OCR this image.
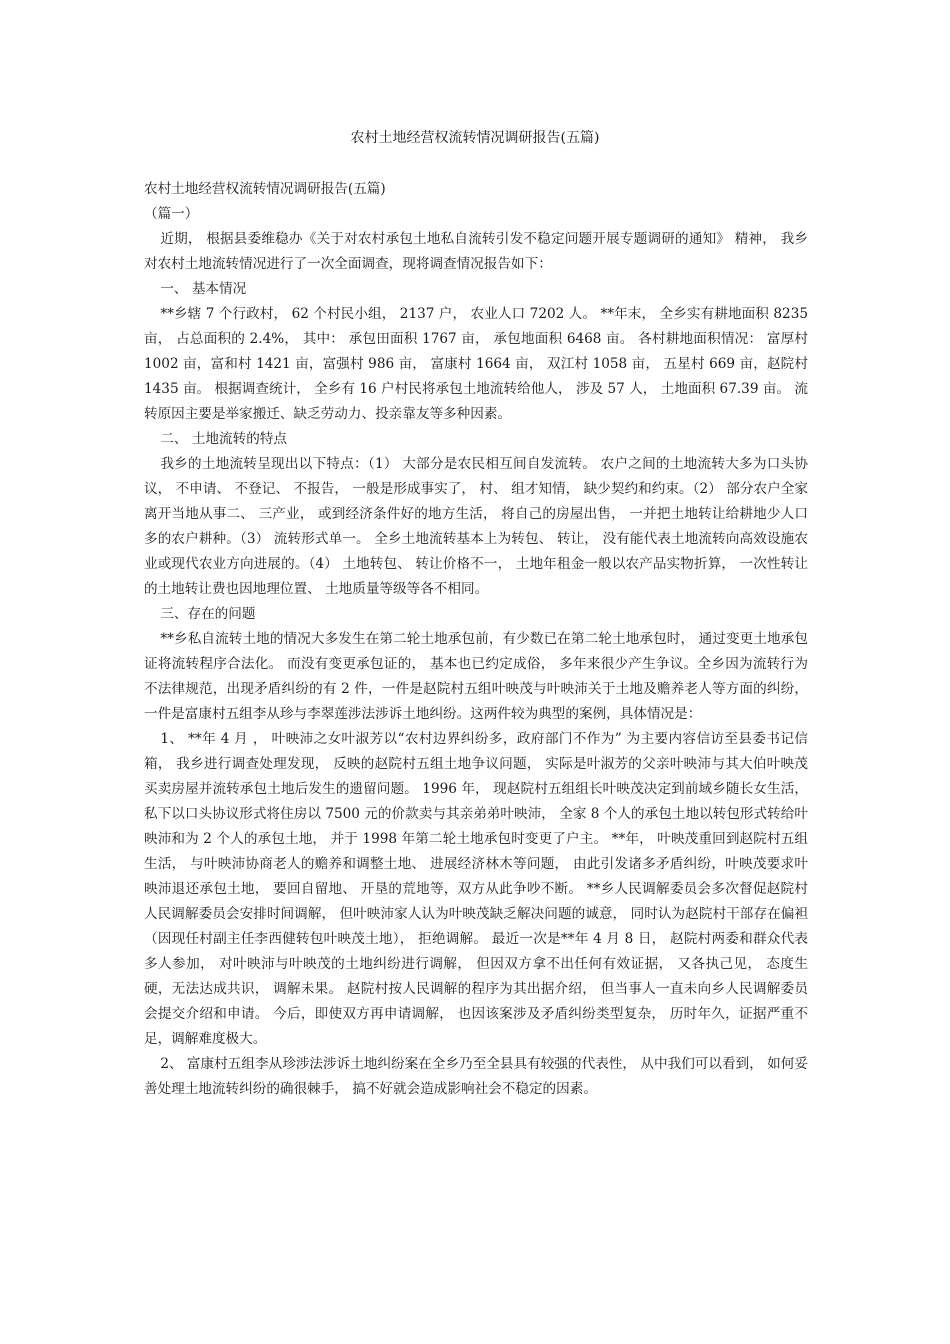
农村土地经营权流转情况调研报告(五篇)

农村土地经营权流转情况调研报告(五篇)

（篇一）

近期， 根据县委维稳办《关于对农村承包土地私自流转引发不稳定问题开展专题调研的通知》 精神， 我乡对农村土地流转情况进行了一次全面调查，现将调查情况报告如下：

一、 基本情况

**乡辖 7 个行政村， 62 个村民小组， 2137 户， 农业人口 7202 人。 **年末， 全乡实有耕地面积 8235 亩， 占总面积的 2.4%， 其中： 承包田面积 1767 亩， 承包地面积 6468 亩。 各村耕地面积情况： 富厚村 1002 亩，富和村 1421 亩，富强村 986 亩， 富康村 1664 亩， 双江村 1058 亩， 五星村 669 亩，赵院村 1435 亩。 根据调查统计， 全乡有 16 户村民将承包土地流转给他人， 涉及 57 人， 土地面积 67.39 亩。 流转原因主要是举家搬迁、缺乏劳动力、投亲靠友等多种因素。

二、 土地流转的特点

我乡的土地流转呈现出以下特点：（1） 大部分是农民相互间自发流转。 农户之间的土地流转大多为口头协议， 不申请、 不登记、 不报告， 一般是形成事实了， 村、 组才知情， 缺少契约和约束。（2） 部分农户全家离开当地从事二、 三产业， 或到经济条件好的地方生活， 将自己的房屋出售， 一并把土地转让给耕地少人口多的农户耕种。（3） 流转形式单一。 全乡土地流转基本上为转包、 转让， 没有能代表土地流转向高效设施农业或现代农业方向进展的。（4） 土地转包、 转让价格不一， 土地年租金一般以农产品实物折算， 一次性转让的土地转让费也因地理位置、 土地质量等级等各不相同。

三、存在的问题

**乡私自流转土地的情况大多发生在第二轮土地承包前，有少数已在第二轮土地承包时， 通过变更土地承包证将流转程序合法化。 而没有变更承包证的， 基本也已约定成俗， 多年来很少产生争议。全乡因为流转行为不法律规范，出现矛盾纠纷的有 2 件，一件是赵院村五组叶映茂与叶映沛关于土地及赡养老人等方面的纠纷， 一件是富康村五组李从珍与李翠莲涉法涉诉土地纠纷。这两件较为典型的案例，具体情况是：

1、 **年 4 月 ， 叶映沛之女叶淑芳以“农村边界纠纷多，政府部门不作为” 为主要内容信访至县委书记信箱， 我乡进行调查处理发现， 反映的赵院村五组土地争议问题， 实际是叶淑芳的父亲叶映沛与其大伯叶映茂买卖房屋并流转承包土地后发生的遗留问题。 1996 年， 现赵院村五组组长叶映茂决定到前域乡随长女生活，私下以口头协议形式将住房以 7500 元的价款卖与其亲弟弟叶映沛， 全家 8 个人的承包土地以转包形式转给叶映沛和为 2 个人的承包土地， 并于 1998 年第二轮土地承包时变更了户主。 **年， 叶映茂重回到赵院村五组生活， 与叶映沛协商老人的赡养和调整土地、 进展经济林木等问题， 由此引发诸多矛盾纠纷，叶映茂要求叶映沛退还承包土地， 要回自留地、 开垦的荒地等，双方从此争吵不断。 **乡人民调解委员会多次督促赵院村人民调解委员会安排时间调解， 但叶映沛家人认为叶映茂缺乏解决问题的诚意， 同时认为赵院村干部存在偏袒（因现任村副主任李西健转包叶映茂土地）， 拒绝调解。 最近一次是**年 4 月 8 日， 赵院村两委和群众代表多人参加， 对叶映沛与叶映茂的土地纠纷进行调解， 但因双方拿不出任何有效证据， 又各执己见， 态度生硬，无法达成共识， 调解未果。 赵院村按人民调解的程序为其出据介绍， 但当事人一直未向乡人民调解委员会提交介绍和申请。 今后，即使双方再申请调解， 也因该案涉及矛盾纠纷类型复杂， 历时年久，证据严重不足，调解难度极大。

2、 富康村五组李从珍涉法涉诉土地纠纷案在全乡乃至全县具有较强的代表性， 从中我们可以看到， 如何妥善处理土地流转纠纷的确很棘手， 搞不好就会造成影响社会不稳定的因素。
